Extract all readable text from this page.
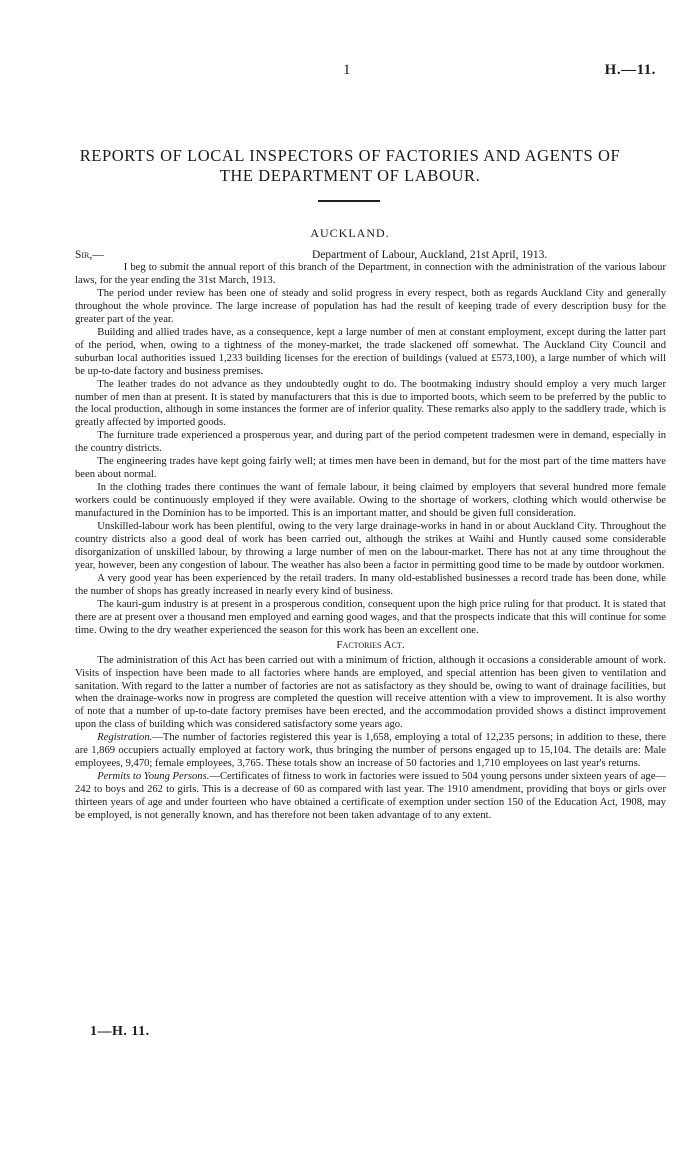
1	H.—11.
REPORTS OF LOCAL INSPECTORS OF FACTORIES AND AGENTS OF THE DEPARTMENT OF LABOUR.
AUCKLAND.
Sir,—	Department of Labour, Auckland, 21st April, 1913.

I beg to submit the annual report of this branch of the Department, in connection with the administration of the various labour laws, for the year ending the 31st March, 1913.

The period under review has been one of steady and solid progress in every respect, both as regards Auckland City and generally throughout the whole province. The large increase of population has had the result of keeping trade of every description busy for the greater part of the year.

Building and allied trades have, as a consequence, kept a large number of men at constant employment, except during the latter part of the period, when, owing to a tightness of the money-market, the trade slackened off somewhat. The Auckland City Council and suburban local authorities issued 1,233 building licenses for the erection of buildings (valued at £573,100), a large number of which will be up-to-date factory and business premises.

The leather trades do not advance as they undoubtedly ought to do. The bootmaking industry should employ a very much larger number of men than at present. It is stated by manufacturers that this is due to imported boots, which seem to be preferred by the public to the local production, although in some instances the former are of inferior quality. These remarks also apply to the saddlery trade, which is greatly affected by imported goods.

The furniture trade experienced a prosperous year, and during part of the period competent tradesmen were in demand, especially in the country districts.

The engineering trades have kept going fairly well; at times men have been in demand, but for the most part of the time matters have been about normal.

In the clothing trades there continues the want of female labour, it being claimed by employers that several hundred more female workers could be continuously employed if they were available. Owing to the shortage of workers, clothing which would otherwise be manufactured in the Dominion has to be imported. This is an important matter, and should be given full consideration.

Unskilled-labour work has been plentiful, owing to the very large drainage-works in hand in or about Auckland City. Throughout the country districts also a good deal of work has been carried out, although the strikes at Waihi and Huntly caused some considerable disorganization of unskilled labour, by throwing a large number of men on the labour-market. There has not at any time throughout the year, however, been any congestion of labour. The weather has also been a factor in permitting good time to be made by outdoor workmen.

A very good year has been experienced by the retail traders. In many old-established businesses a record trade has been done, while the number of shops has greatly increased in nearly every kind of business.

The kauri-gum industry is at present in a prosperous condition, consequent upon the high price ruling for that product. It is stated that there are at present over a thousand men employed and earning good wages, and that the prospects indicate that this will continue for some time. Owing to the dry weather experienced the season for this work has been an excellent one.

Factories Act.

The administration of this Act has been carried out with a minimum of friction, although it occasions a considerable amount of work. Visits of inspection have been made to all factories where hands are employed, and special attention has been given to ventilation and sanitation. With regard to the latter a number of factories are not as satisfactory as they should be, owing to want of drainage facilities, but when the drainage-works now in progress are completed the question will receive attention with a view to improvement. It is also worthy of note that a number of up-to-date factory premises have been erected, and the accommodation provided shows a distinct improvement upon the class of building which was considered satisfactory some years ago.

Registration.—The number of factories registered this year is 1,658, employing a total of 12,235 persons; in addition to these, there are 1,869 occupiers actually employed at factory work, thus bringing the number of persons engaged up to 15,104. The details are: Male employees, 9,470; female employees, 3,765. These totals show an increase of 50 factories and 1,710 employees on last year's returns.

Permits to Young Persons.—Certificates of fitness to work in factories were issued to 504 young persons under sixteen years of age—242 to boys and 262 to girls. This is a decrease of 60 as compared with last year. The 1910 amendment, providing that boys or girls over thirteen years of age and under fourteen who have obtained a certificate of exemption under section 150 of the Education Act, 1908, may be employed, is not generally known, and has therefore not been taken advantage of to any extent.

1—H. 11.
